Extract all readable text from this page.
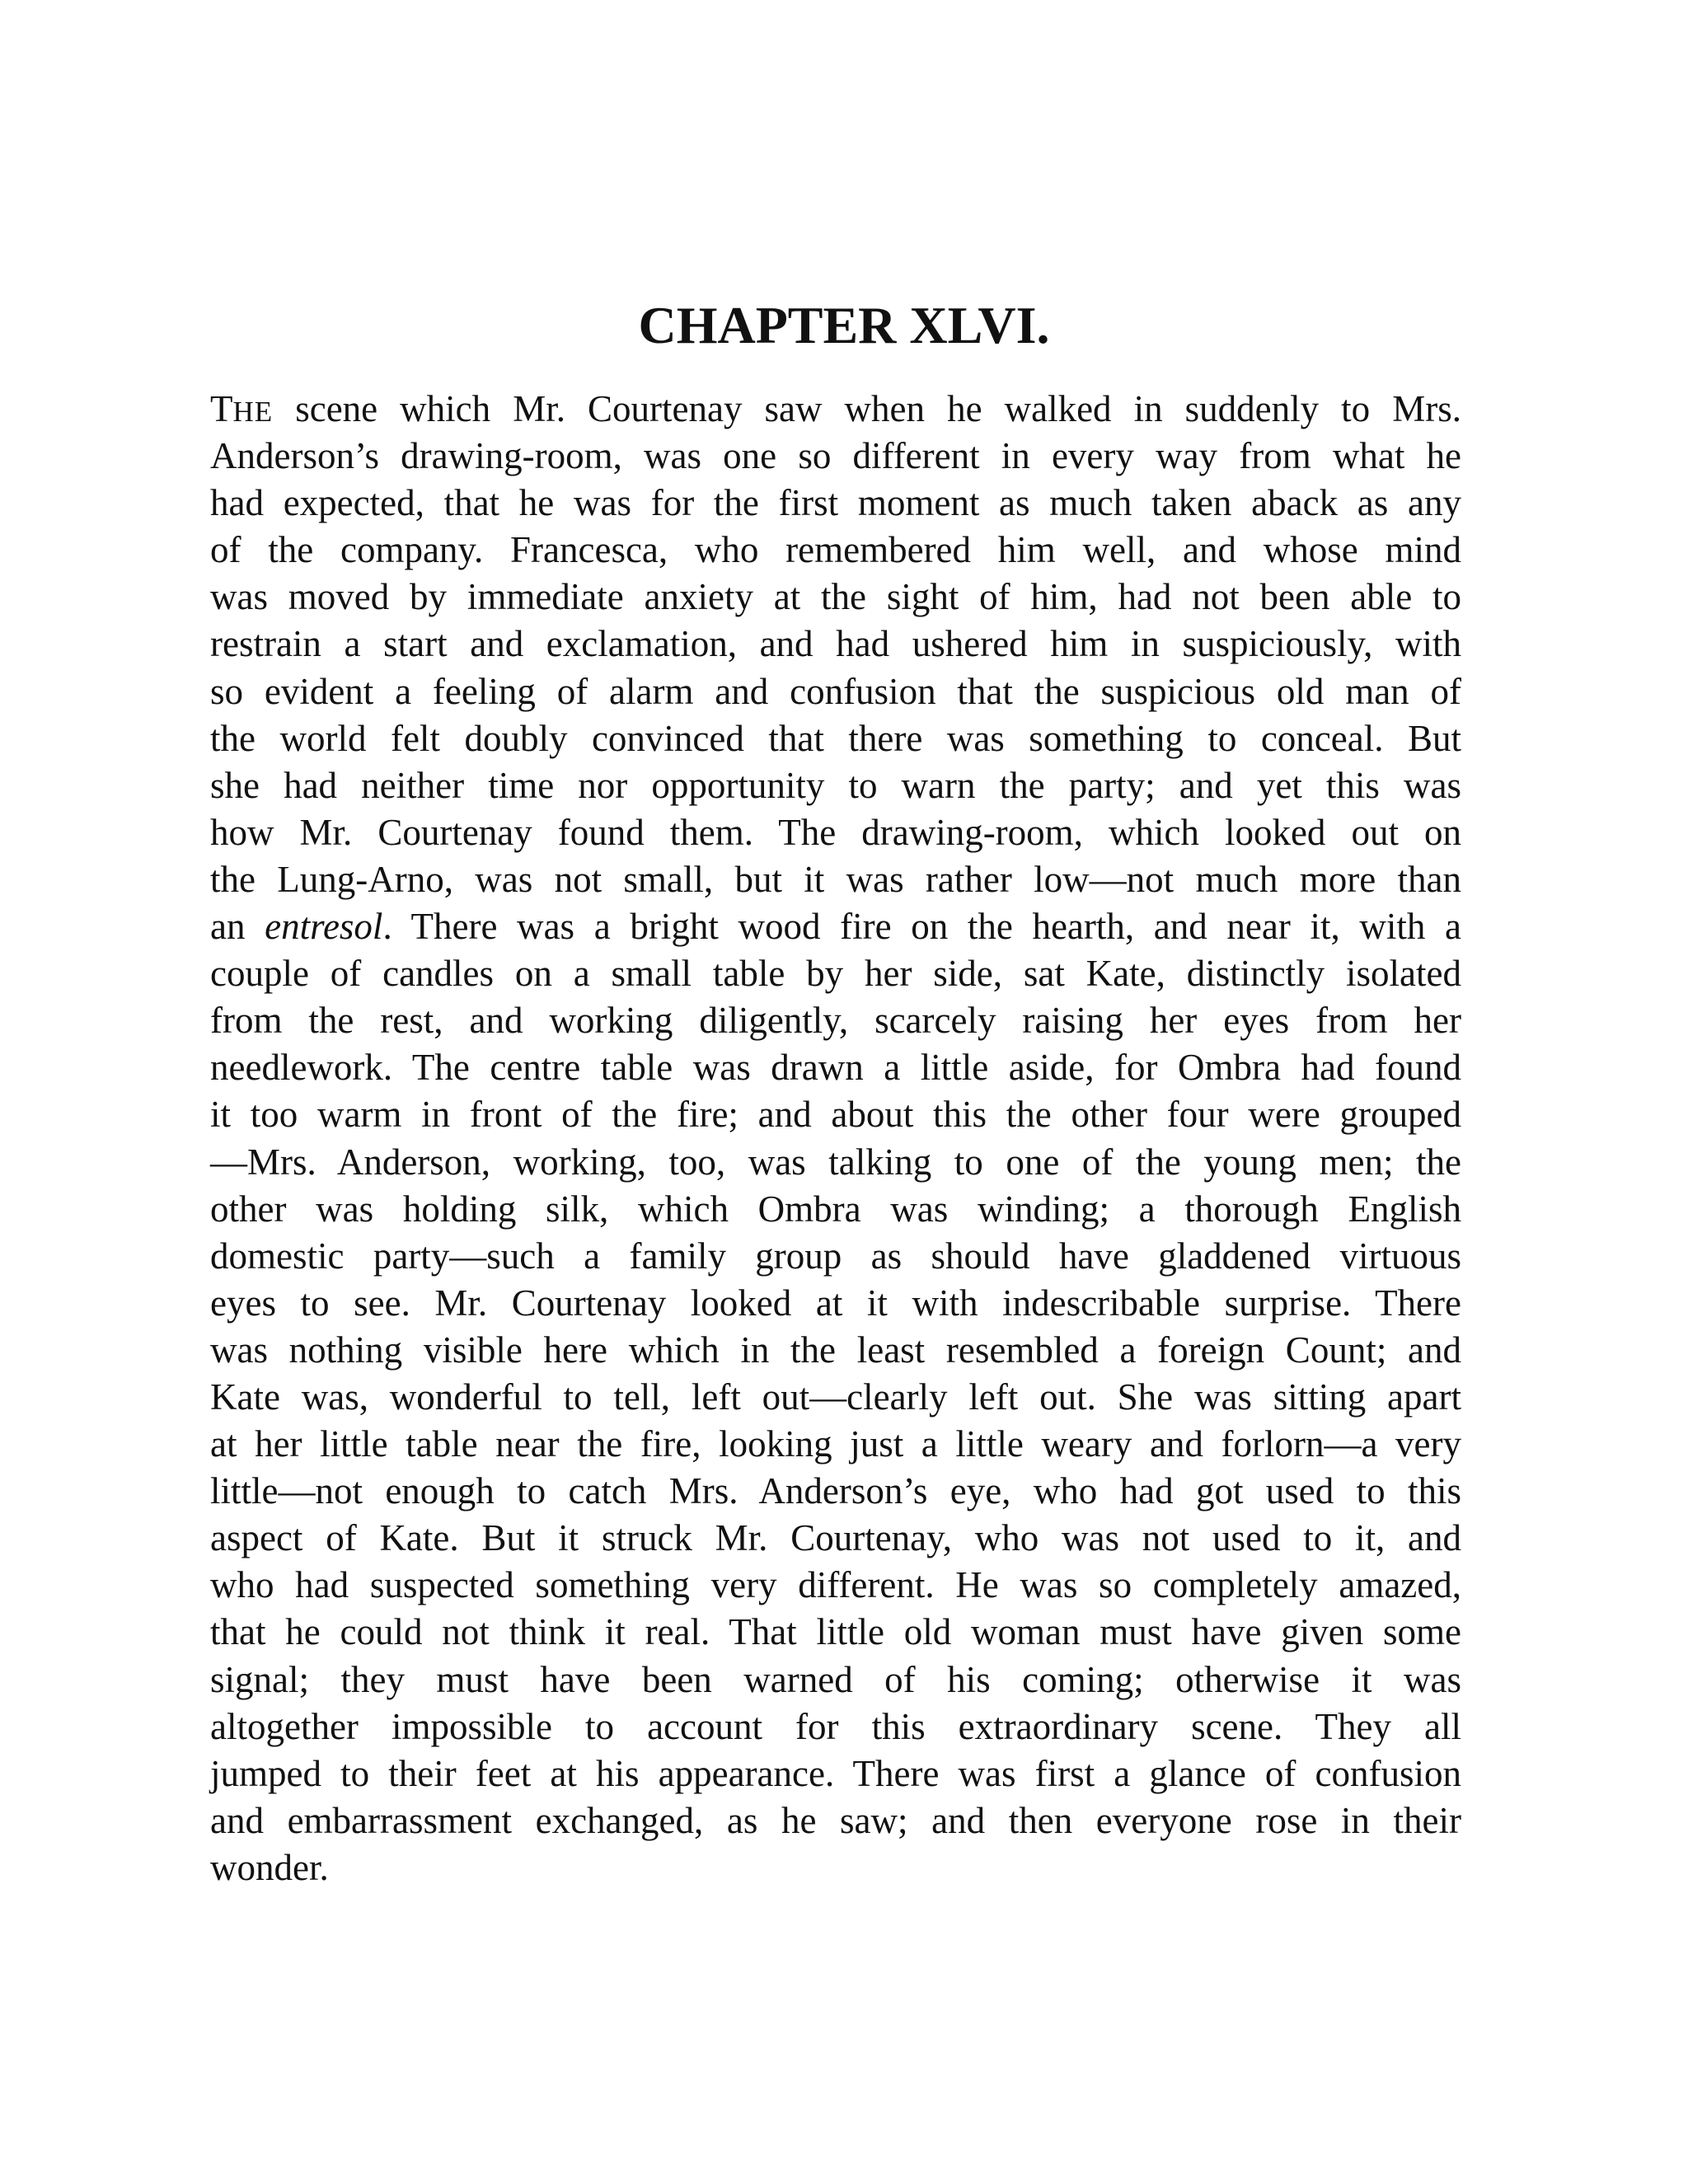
CHAPTER XLVI.
THE scene which Mr. Courtenay saw when he walked in suddenly to Mrs.
Anderson’s drawing-room, was one so different in every way from what he
had expected, that he was for the first moment as much taken aback as any
of the company. Francesca, who remembered him well, and whose mind
was moved by immediate anxiety at the sight of him, had not been able to
restrain a start and exclamation, and had ushered him in suspiciously, with
so evident a feeling of alarm and confusion that the suspicious old man of
the world felt doubly convinced that there was something to conceal. But
she had neither time nor opportunity to warn the party; and yet this was
how Mr. Courtenay found them. The drawing-room, which looked out on
the Lung-Arno, was not small, but it was rather low—not much more than
an entresol. There was a bright wood fire on the hearth, and near it, with a
couple of candles on a small table by her side, sat Kate, distinctly isolated
from the rest, and working diligently, scarcely raising her eyes from her
needlework. The centre table was drawn a little aside, for Ombra had found
it too warm in front of the fire; and about this the other four were grouped
—Mrs. Anderson, working, too, was talking to one of the young men; the
other was holding silk, which Ombra was winding; a thorough English
domestic party—such a family group as should have gladdened virtuous
eyes to see. Mr. Courtenay looked at it with indescribable surprise. There
was nothing visible here which in the least resembled a foreign Count; and
Kate was, wonderful to tell, left out—clearly left out. She was sitting apart
at her little table near the fire, looking just a little weary and forlorn—a very
little—not enough to catch Mrs. Anderson’s eye, who had got used to this
aspect of Kate. But it struck Mr. Courtenay, who was not used to it, and
who had suspected something very different. He was so completely amazed,
that he could not think it real. That little old woman must have given some
signal; they must have been warned of his coming; otherwise it was
altogether impossible to account for this extraordinary scene. They all
jumped to their feet at his appearance. There was first a glance of confusion
and embarrassment exchanged, as he saw; and then everyone rose in their
wonder.
